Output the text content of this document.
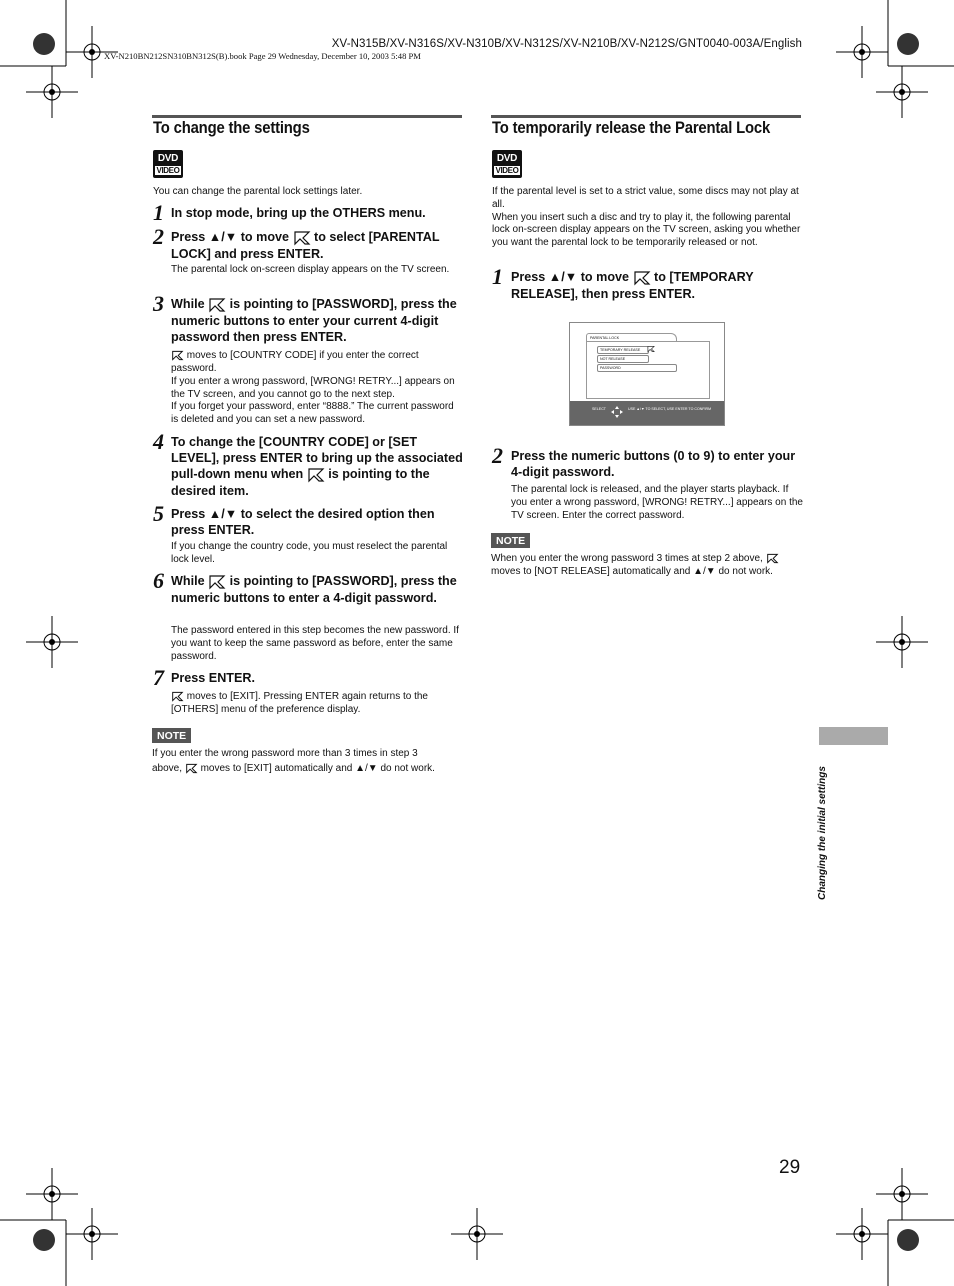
XV-N315B/XV-N316S/XV-N310B/XV-N312S/XV-N210B/XV-N212S/GNT0040-003A/English
XV-N210BN212SN310BN312S(B).book Page 29 Wednesday, December 10, 2003 5:48 PM
To change the settings
DVD
VIDEO
You can change the parental lock settings later.
1 In stop mode, bring up the OTHERS menu.
2 Press ▲/▼ to move to select [PARENTAL LOCK] and press ENTER.
The parental lock on-screen display appears on the TV screen.
3 While is pointing to [PASSWORD], press the numeric buttons to enter your current 4-digit password then press ENTER.
moves to [COUNTRY CODE] if you enter the correct password.
If you enter a wrong password, [WRONG! RETRY...] appears on the TV screen, and you cannot go to the next step.
If you forget your password, enter “8888.” The current password is deleted and you can set a new password.
4 To change the [COUNTRY CODE] or [SET LEVEL], press ENTER to bring up the associated pull-down menu when is pointing to the desired item.
5 Press ▲/▼ to select the desired option then press ENTER.
If you change the country code, you must reselect the parental lock level.
6 While is pointing to [PASSWORD], press the numeric buttons to enter a 4-digit password.
The password entered in this step becomes the new password. If you want to keep the same password as before, enter the same password.
7 Press ENTER.
moves to [EXIT]. Pressing ENTER again returns to the [OTHERS] menu of the preference display.
NOTE
If you enter the wrong password more than 3 times in step 3
above, moves to [EXIT] automatically and ▲/▼ do not work.
To temporarily release the Parental Lock
DVD
VIDEO
If the parental level is set to a strict value, some discs may not play at all.
When you insert such a disc and try to play it, the following parental lock on-screen display appears on the TV screen, asking you whether you want the parental lock to be temporarily released or not.
1 Press ▲/▼ to move to [TEMPORARY RELEASE], then press ENTER.
PARENTAL LOCK
TEMPORARY RELEASE
NOT RELEASE
PASSWORD
SELECT	USE ▲/▼ TO SELECT, USE ENTER TO CONFIRM
2 Press the numeric buttons (0 to 9) to enter your 4-digit password.
The parental lock is released, and the player starts playback. If you enter a wrong password, [WRONG! RETRY...] appears on the TV screen. Enter the correct password.
NOTE
When you enter the wrong password 3 times at step 2 above,
moves to [NOT RELEASE] automatically and ▲/▼ do not work.
Changing the initial settings
29
